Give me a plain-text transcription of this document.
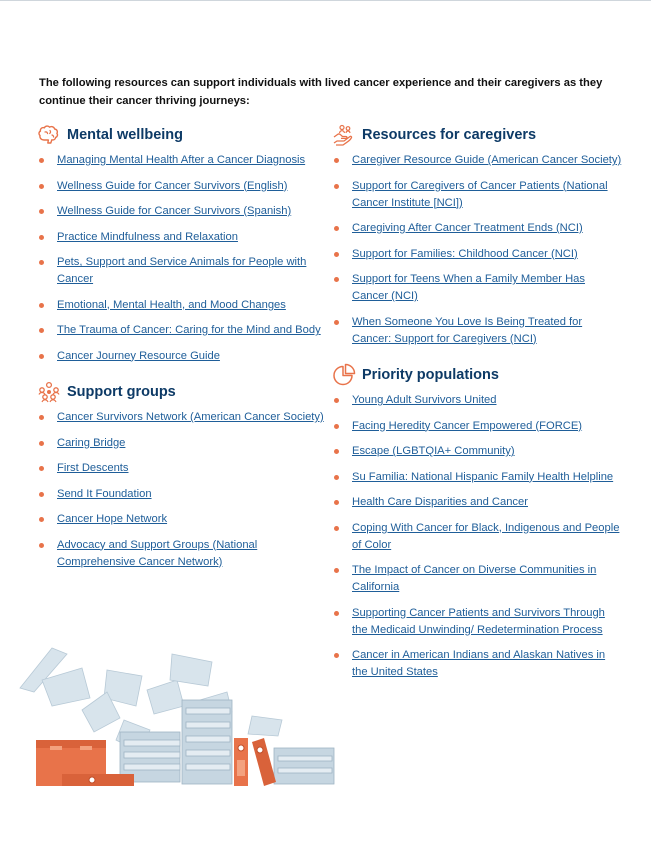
The following resources can support individuals with lived cancer experience and their caregivers as they continue their cancer thriving journeys:

Mental wellbeing
Managing Mental Health After a Cancer Diagnosis
Wellness Guide for Cancer Survivors (English)
Wellness Guide for Cancer Survivors (Spanish)
Practice Mindfulness and Relaxation
Pets, Support and Service Animals for People with Cancer
Emotional, Mental Health, and Mood Changes
The Trauma of Cancer: Caring for the Mind and Body
Cancer Journey Resource Guide
Support groups
Cancer Survivors Network (American Cancer Society)
Caring Bridge
First Descents
Send It Foundation
Cancer Hope Network
Advocacy and Support Groups (National Comprehensive Cancer Network)
Resources for caregivers
Caregiver Resource Guide (American Cancer Society)
Support for Caregivers of Cancer Patients (National Cancer Institute [NCI])
Caregiving After Cancer Treatment Ends (NCI)
Support for Families: Childhood Cancer (NCI)
Support for Teens When a Family Member Has Cancer (NCI)
When Someone You Love Is Being Treated for Cancer: Support for Caregivers (NCI)
Priority populations
Young Adult Survivors United
Facing Heredity Cancer Empowered (FORCE)
Escape (LGBTQIA+ Community)
Su Familia: National Hispanic Family Health Helpline
Health Care Disparities and Cancer
Coping With Cancer for Black, Indigenous and People of Color
The Impact of Cancer on Diverse Communities in California
Supporting Cancer Patients and Survivors Through the Medicaid Unwinding/ Redetermination Process
Cancer in American Indians and Alaskan Natives in the United States
